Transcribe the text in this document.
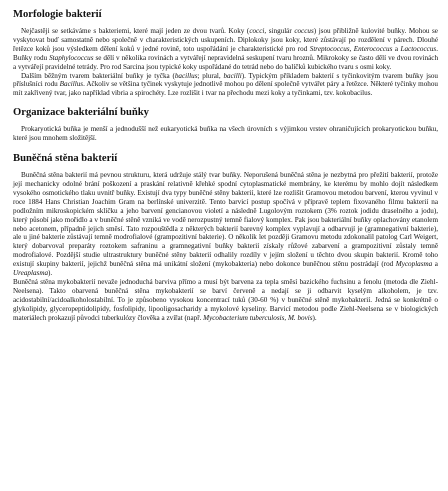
Morfologie bakterií

Nejčastěji se setkáváme s bakteriemi, které mají jeden ze dvou tvarů. Koky (cocci, singulár coccus) jsou přibližně kulovité buňky. Mohou se vyskytovat buď samostatně nebo společně v charakteristických uskupeních. Diplokoky jsou koky, které zůstávají po rozdělení v párech. Dlouhé řetězce koků jsou výsledkem dělení koků v jedné rovině, toto uspořádání je charakteristické pro rod Streptococcus, Enterococcus a Lactococcus. Buňky rodu Staphylococcus se dělí v několika rovinách a vytvářejí nepravidelná seskupení tvaru hroznů. Mikrokoky se často dělí ve dvou rovinách a vytvářejí pravidelné tetrády. Pro rod Sarcina jsou typické koky uspořádané do tetrád nebo do balíčků kubického tvaru s osmi koky.

Dalším běžným tvarem bakteriální buňky je tyčka (bacillus; plural, bacilli). Typickým příkladem bakterií s tyčinkovitým tvarem buňky jsou příslušníci rodu Bacillus. Ačkoliv se většina tyčinek vyskytuje jednotlivě mohou po dělení společně vytvářet páry a řetězce. Některé tyčinky mohou mít zakřivený tvar, jako například vibria a spirochéty. Lze rozlišit i tvar na přechodu mezi koky a tyčinkami, tzv. kokobacilus.

Organizace bakteriální buňky

Prokaryotická buňka je menší a jednodušší než eukaryotická buňka na všech úrovních s výjimkou vrstev ohraničujících prokaryotickou buňku, které jsou mnohem složitější.

Buněčná stěna bakterií

Buněčná stěna bakterií má pevnou strukturu, která udržuje stálý tvar buňky. Neporušená buněčná stěna je nezbytná pro přežití bakterií, protože její mechanicky odolné brání poškození a praskání relativně křehké spodní cytoplasmatické membrány, ke kterému by mohlo dojít následkem vysokého osmotického tlaku uvnitř buňky. Existují dva typy buněčné stěny bakterií, které lze rozlišit Gramovou metodou barvení, kterou vyvinul v roce 1884 Hans Christian Joachim Gram na berlínské univerzitě. Tento barvicí postup spočívá v přípravě teplem fixovaného filmu bakterií na podložním mikroskopickém sklíčku a jeho barvení gencianovou violetí a následně Lugolovým roztokem (3% roztok jodidu draselného a jodu), který působí jako mořidlo a v buněčné stěně vzniká ve vodě nerozpustný temně fialový komplex. Pak jsou bakteriální buňky oplachovány etanolem nebo acetonem, případně jejich směsí. Tato rozpouštědla z některých bakterií barevný komplex vyplavují a odbarvují je (gramnegativní bakterie), ale u jiné bakterie zůstávají temně modrofialové (grampozitivní bakterie). O několik let později Gramovu metodu zdokonalil patolog Carl Weigert, který dobarvoval preparáty roztokem safraninu a gramnegativní buňky bakterií získaly růžové zabarvení a grampozitivní zůstaly temně modrofialové. Pozdější studie ultrastruktury buněčné stěny bakterií odhalily rozdíly v jejím složení u těchto dvou skupin bakterií. Kromě toho existují skupiny bakterií, jejichž buněčná stěna má unikátní složení (mykobakteria) nebo dokonce buněčnou stěnu postrádají (rod Mycoplasma a Ureaplasma).

Buněčná stěna mykobakterií nevaže jednoduchá barviva přímo a musí být barvena za tepla směsí bazického fuchsinu a fenolu (metoda dle Ziehl-Neelsena). Takto obarvená buněčná stěna mykobakterií se barví červeně a nedají se ji odbarvit kyselým alkoholem, je tzv. acidostabilní/acidoalkoholostabilní. To je způsobeno vysokou koncentrací tuků (30-60 %) v buněčné stěně mykobakterií. Jedná se konkrétně o glykolipidy, glyceropeptidolipidy, fosfolipidy, lipooligosacharidy a mykolové kyseliny. Barvicí metodou podle Ziehl-Neelsena se v biologických materiálech prokazují původci tuberkulózy člověka a zvířat (např. Mycobacterium tuberculosis, M. bovis).
